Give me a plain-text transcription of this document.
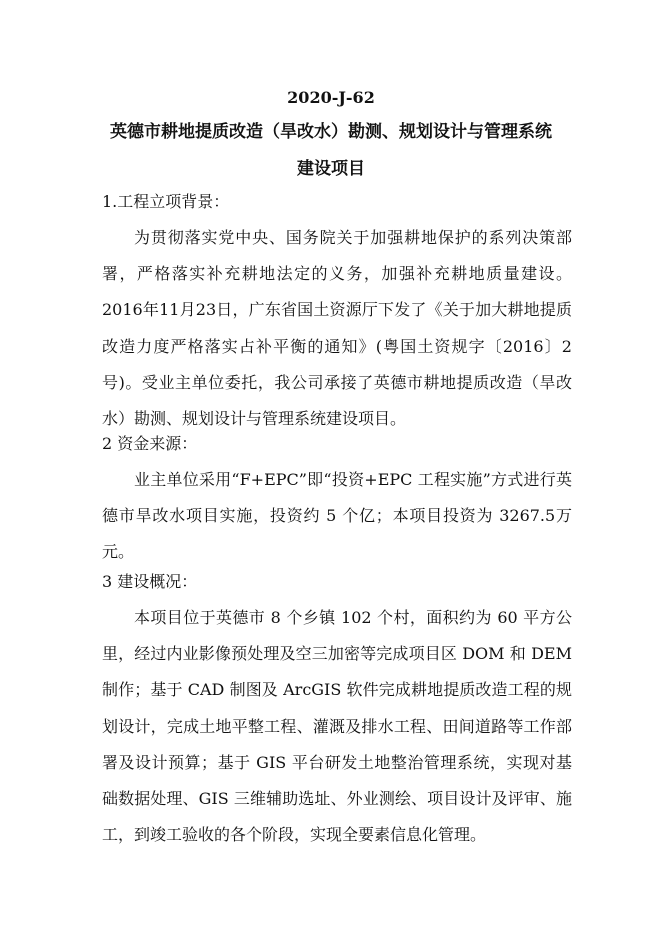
2020-J-62
英德市耕地提质改造（旱改水）勘测、规划设计与管理系统
建设项目
1.工程立项背景：

为贯彻落实党中央、国务院关于加强耕地保护的系列决策部署，严格落实补充耕地法定的义务，加强补充耕地质量建设。2016年11月23日，广东省国土资源厅下发了《关于加大耕地提质改造力度严格落实占补平衡的通知》(粤国土资规字〔2016〕2号)。受业主单位委托，我公司承接了英德市耕地提质改造（旱改水）勘测、规划设计与管理系统建设项目。

2 资金来源：

业主单位采用“F+EPC”即“投资+EPC 工程实施”方式进行英德市旱改水项目实施，投资约 5 个亿；本项目投资为 3267.5万元。

3 建设概况：

本项目位于英德市 8 个乡镇 102 个村，面积约为 60 平方公里，经过内业影像预处理及空三加密等完成项目区 DOM 和 DEM 制作；基于 CAD 制图及 ArcGIS 软件完成耕地提质改造工程的规划设计，完成土地平整工程、灌溉及排水工程、田间道路等工作部署及设计预算；基于 GIS 平台研发土地整治管理系统，实现对基础数据处理、GIS 三维辅助选址、外业测绘、项目设计及评审、施工，到竣工验收的各个阶段，实现全要素信息化管理。
